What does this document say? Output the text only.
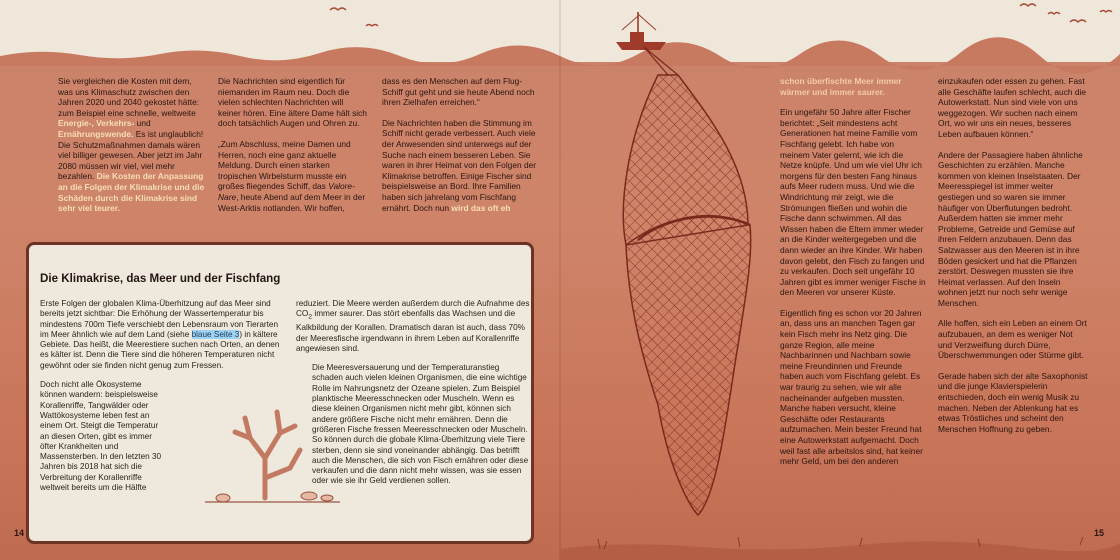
Sie vergleichen die Kosten mit dem, was uns Klimaschutz zwischen den Jahren 2020 und 2040 gekostet hätte: zum Beispiel eine schnelle, weltweite Energie-, Verkehrs- und Ernährungswende. Es ist unglaublich! Die Schutzmaßnahmen damals wären viel billiger gewesen. Aber jetzt im Jahr 2080 müssen wir viel, viel mehr bezahlen. Die Kosten der Anpassung an die Folgen der Klimakrise und die Schäden durch die Klimakrise sind sehr viel teurer.

Die Nachrichten sind eigentlich für niemanden im Raum neu. Doch die vielen schlechten Nachrichten will keiner hören. Eine ältere Dame hält sich doch tatsächlich Augen und Ohren zu.

„Zum Abschluss, meine Damen und Herren, noch eine ganz aktuelle Meldung. Durch einen starken tropischen Wirbelsturm musste ein großes fliegendes Schiff, das Valore-Nare, heute Abend auf dem Meer in der West-Arktis notlanden. Wir hoffen,

dass es den Menschen auf dem Flug-Schiff gut geht und sie heute Abend noch ihren Zielhafen erreichen.“

Die Nachrichten haben die Stimmung im Schiff nicht gerade verbessert. Auch viele der Anwesenden sind unterwegs auf der Suche nach einem besseren Leben. Sie waren in ihrer Heimat von den Folgen der Klimakrise betroffen. Einige Fischer sind beispielsweise an Bord. Ihre Familien haben sich jahrelang vom Fischfang ernährt. Doch nun wird das oft eh

Die Klimakrise, das Meer und der Fischfang

Erste Folgen der globalen Klima-Überhitzung auf das Meer sind bereits jetzt sichtbar: Die Erhöhung der Wassertemperatur bis mindestens 700m Tiefe verschiebt den Lebensraum von Tierarten im Meer ähnlich wie auf dem Land (siehe blaue Seite 3) in kältere Gebiete. Das heißt, die Meerestiere suchen nach Orten, an denen es kälter ist. Denn die Tiere sind die höheren Temperaturen nicht gewöhnt oder sie finden nicht genug zum Fressen.

Doch nicht alle Ökosysteme können wandern: beispielsweise Korallenriffe, Tangwälder oder Wattökosysteme leben fest an einem Ort. Steigt die Temperatur an diesen Orten, gibt es immer öfter Krankheiten und Massensterben. In den letzten 30 Jahren bis 2018 hat sich die Verbreitung der Korallenriffe weltweit bereits um die Hälfte

reduziert. Die Meere werden außerdem durch die Aufnahme des $CO_2$ immer saurer. Das stört ebenfalls das Wachsen und die Kalkbildung der Korallen. Dramatisch daran ist auch, dass 70% der Meeresfische irgendwann in ihrem Leben auf Korallenriffe angewiesen sind.

Die Meeresversauerung und der Temperaturanstieg schaden auch vielen kleinen Organismen, die eine wichtige Rolle im Nahrungsnetz der Ozeane spielen. Zum Beispiel planktische Meeresschnecken oder Muscheln. Wenn es diese kleinen Organismen nicht mehr gibt, können sich andere größere Fische nicht mehr ernähren. Denn die größeren Fische fressen Meeresschnecken oder Muscheln. So können durch die globale Klima-Überhitzung viele Tiere sterben, denn sie sind voneinander abhängig. Das betrifft auch die Menschen, die sich von Fisch ernähren oder diese verkaufen und die dann nicht mehr wissen, was sie essen oder wie sie ihr Geld verdienen sollen.

14

schon überfischte Meer immer wärmer und immer saurer.

Ein ungefähr 50 Jahre alter Fischer berichtet: „Seit mindestens acht Generationen hat meine Familie vom Fischfang gelebt. Ich habe von meinem Vater gelernt, wie ich die Netze knüpfe. Und um wie viel Uhr ich morgens für den besten Fang hinaus aufs Meer rudern muss. Und wie die Windrichtung mir zeigt, wie die Strömungen fließen und wohin die Fische dann schwimmen. All das Wissen haben die Eltern immer wieder an die Kinder weitergegeben und die dann wieder an ihre Kinder. Wir haben davon gelebt, den Fisch zu fangen und zu verkaufen. Doch seit ungefähr 10 Jahren gibt es immer weniger Fische in den Meeren vor unserer Küste.

Eigentlich fing es schon vor 20 Jahren an, dass uns an manchen Tagen gar kein Fisch mehr ins Netz ging. Die ganze Region, alle meine Nachbarinnen und Nachbarn sowie meine Freundinnen und Freunde haben auch vom Fischfang gelebt. Es war traurig zu sehen, wie wir alle nacheinander aufgeben mussten. Manche haben versucht, kleine Geschäfte oder Restaurants aufzumachen. Mein bester Freund hat eine Autowerkstatt aufgemacht. Doch weil fast alle arbeitslos sind, hat keiner mehr Geld, um bei den anderen

einzukaufen oder essen zu gehen. Fast alle Geschäfte laufen schlecht, auch die Autowerkstatt. Nun sind viele von uns weggezogen. Wir suchen nach einem Ort, wo wir uns ein neues, besseres Leben aufbauen können.“

Andere der Passagiere haben ähnliche Geschichten zu erzählen. Manche kommen von kleinen Inselstaaten. Der Meeresspiegel ist immer weiter gestiegen und so waren sie immer häufiger von Überflutungen bedroht. Außerdem hatten sie immer mehr Probleme, Getreide und Gemüse auf ihren Feldern anzubauen. Denn das Salzwasser aus den Meeren ist in ihre Böden gesickert und hat die Pflanzen zerstört. Deswegen mussten sie ihre Heimat verlassen. Auf den Inseln wohnen jetzt nur noch sehr wenige Menschen.

Alle hoffen, sich ein Leben an einem Ort aufzubauen, an dem es weniger Not und Verzweiflung durch Dürre, Überschwemmungen oder Stürme gibt.

Gerade haben sich der alte Saxophonist und die junge Klavierspielerin entschieden, doch ein wenig Musik zu machen. Neben der Ablenkung hat es etwas Tröstliches und scheint den Menschen Hoffnung zu geben.

15
